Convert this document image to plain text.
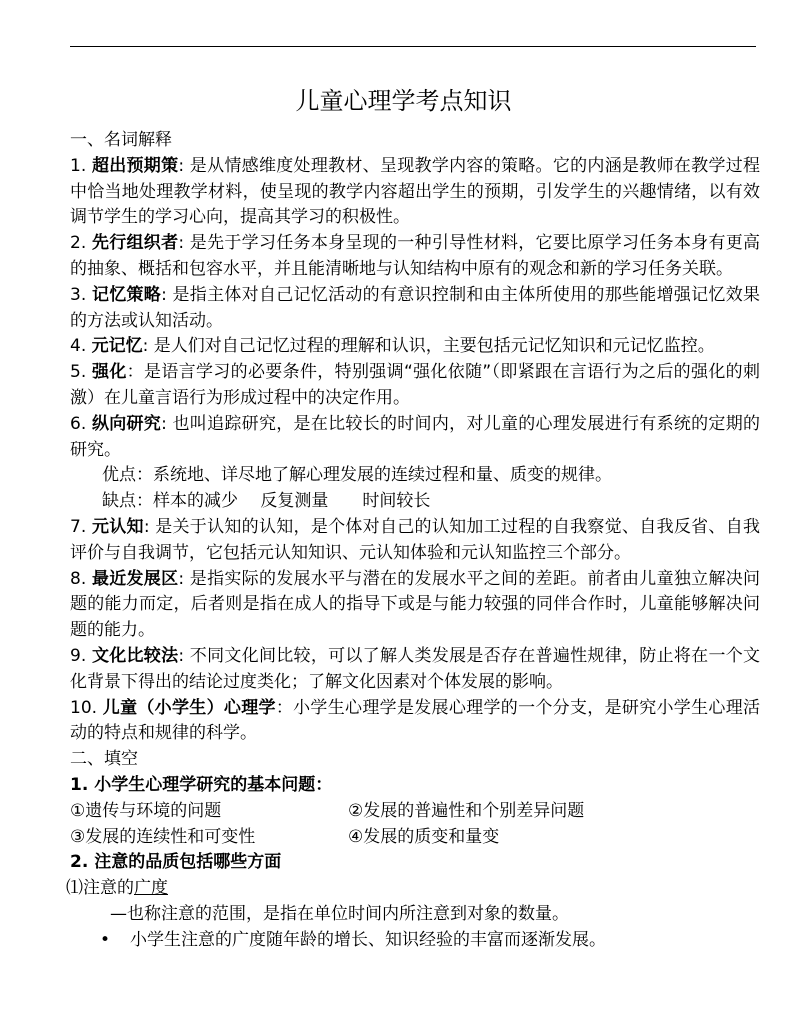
儿童心理学考点知识

一、名词解释

1. 超出预期策: 是从情感维度处理教材、呈现教学内容的策略。它的内涵是教师在教学过程中恰当地处理教学材料，使呈现的教学内容超出学生的预期，引发学生的兴趣情绪，以有效调节学生的学习心向，提高其学习的积极性。

2. 先行组织者: 是先于学习任务本身呈现的一种引导性材料，它要比原学习任务本身有更高的抽象、概括和包容水平，并且能清晰地与认知结构中原有的观念和新的学习任务关联。

3. 记忆策略: 是指主体对自己记忆活动的有意识控制和由主体所使用的那些能增强记忆效果的方法或认知活动。

4. 元记忆: 是人们对自己记忆过程的理解和认识，主要包括元记忆知识和元记忆监控。

5. 强化：是语言学习的必要条件，特别强调“强化依随”（即紧跟在言语行为之后的强化的刺激）在儿童言语行为形成过程中的决定作用。

6. 纵向研究: 也叫追踪研究，是在比较长的时间内，对儿童的心理发展进行有系统的定期的研究。

优点：系统地、详尽地了解心理发展的连续过程和量、质变的规律。

缺点：样本的减少　 反复测量　　时间较长

7. 元认知: 是关于认知的认知，是个体对自己的认知加工过程的自我察觉、自我反省、自我评价与自我调节，它包括元认知知识、元认知体验和元认知监控三个部分。

8. 最近发展区: 是指实际的发展水平与潜在的发展水平之间的差距。前者由儿童独立解决问题的能力而定，后者则是指在成人的指导下或是与能力较强的同伴合作时，儿童能够解决问题的能力。

9. 文化比较法: 不同文化间比较，可以了解人类发展是否存在普遍性规律，防止将在一个文化背景下得出的结论过度类化；了解文化因素对个体发展的影响。

10. 儿童（小学生）心理学：小学生心理学是发展心理学的一个分支，是研究小学生心理活动的特点和规律的科学。

二、填空

1. 小学生心理学研究的基本问题：

①遗传与环境的问题	②发展的普遍性和个别差异问题
③发展的连续性和可变性	④发展的质变和量变

2. 注意的品质包括哪些方面

⑴注意的广度

—也称注意的范围，是指在单位时间内所注意到对象的数量。

•	小学生注意的广度随年龄的增长、知识经验的丰富而逐渐发展。
